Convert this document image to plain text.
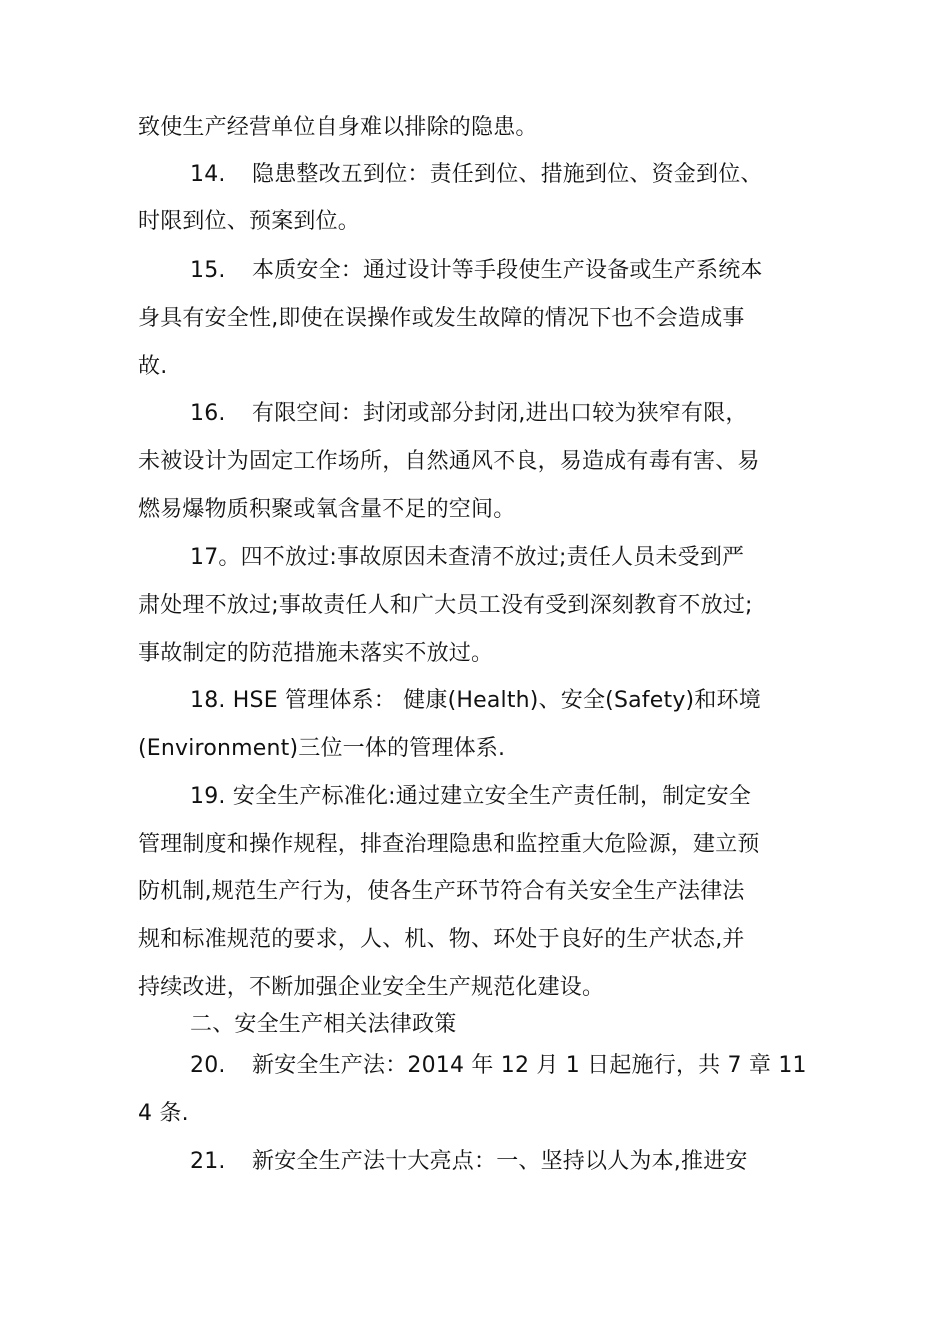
致使生产经营单位自身难以排除的隐患。
14. 隐患整改五到位：责任到位、措施到位、资金到位、
时限到位、预案到位。
15. 本质安全：通过设计等手段使生产设备或生产系统本
身具有安全性,即使在误操作或发生故障的情况下也不会造成事
故.
16. 有限空间：封闭或部分封闭,进出口较为狭窄有限，
未被设计为固定工作场所，自然通风不良，易造成有毒有害、易
燃易爆物质积聚或氧含量不足的空间。
17。四不放过:事故原因未查清不放过;责任人员未受到严
肃处理不放过;事故责任人和广大员工没有受到深刻教育不放过;
事故制定的防范措施未落实不放过。
18. HSE 管理体系： 健康(Health)、安全(Safety)和环境
(Environment)三位一体的管理体系.
19. 安全生产标准化:通过建立安全生产责任制，制定安全
管理制度和操作规程，排查治理隐患和监控重大危险源，建立预
防机制,规范生产行为，使各生产环节符合有关安全生产法律法
规和标准规范的要求，人、机、物、环处于良好的生产状态,并
持续改进，不断加强企业安全生产规范化建设。
二、安全生产相关法律政策
20. 新安全生产法：2014 年 12 月 1 日起施行，共 7 章 11
4 条.
21. 新安全生产法十大亮点：一、坚持以人为本,推进安
